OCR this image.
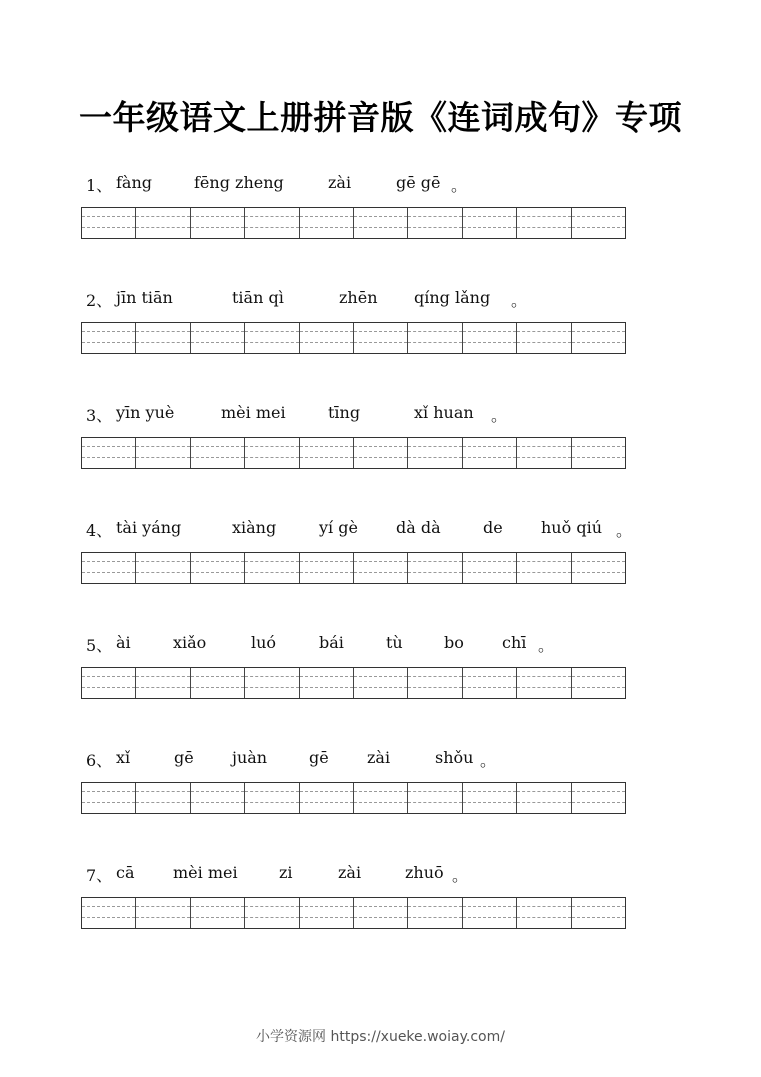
一年级语文上册拼音版《连词成句》专项
1、 fàng	fēng zheng	zài	gē gē 。
2、 jīn tiān	tiān qì	zhēn qíng lǎng 。
3、 yīn yuè	mèi mei	tīng	xǐ huan 。
4、 tài yáng	xiàng	yí gè dà dà	de huǒ qiú 。
5、 ài	xiǎo	luó	bái	tù	bo chī 。
6、 xǐ	gē juàn	gē zài	shǒu 。
7、 cā mèi mei	zi	zài	zhuō 。
小学资源网 https://xueke.woiay.com/
